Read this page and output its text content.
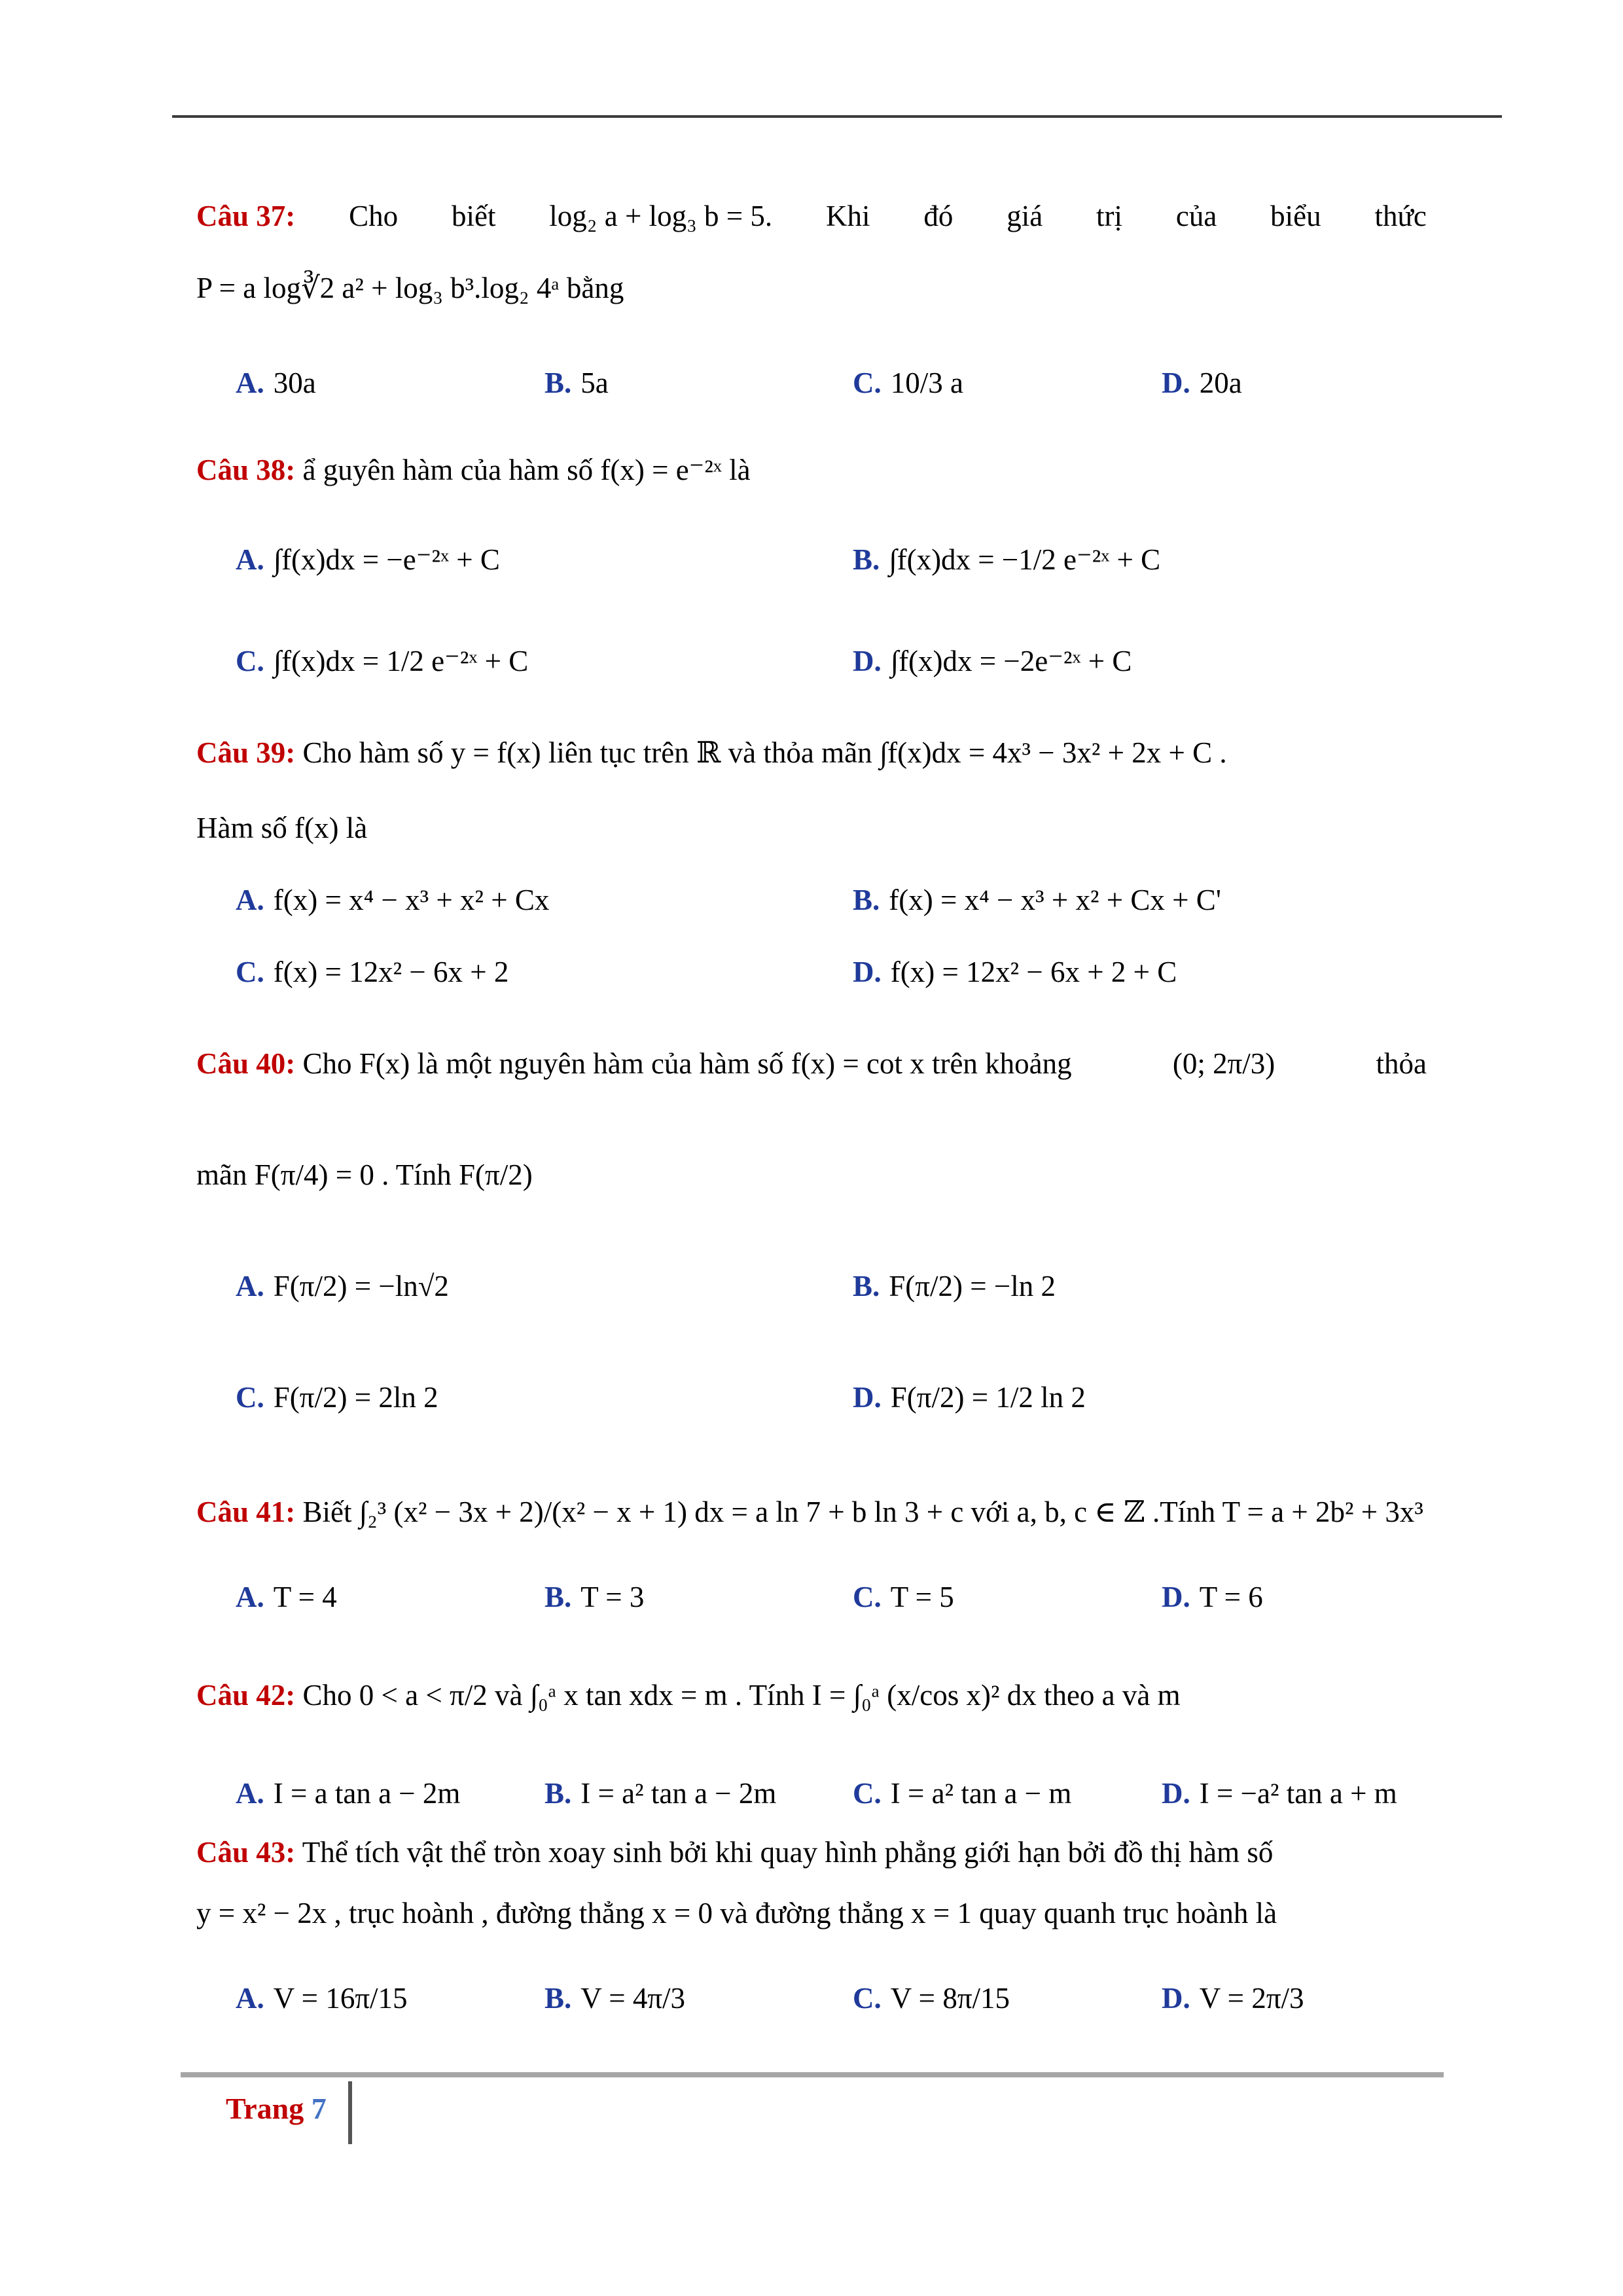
Câu 37: Cho biết log₂ a + log₃ b = 5. Khi đó giá trị của biểu thức
P = a log∛2 a² + log₃ b³.log₂ 4ᵃ bằng
A. 30a	B. 5a	C. 10/3 a	D. 20a
Câu 38: ẩ guyên hàm của hàm số f(x) = e⁻²ˣ là
A. ∫f(x)dx = −e⁻²ˣ + C	B. ∫f(x)dx = −1/2 e⁻²ˣ + C
C. ∫f(x)dx = 1/2 e⁻²ˣ + C	D. ∫f(x)dx = −2e⁻²ˣ + C
Câu 39: Cho hàm số y = f(x) liên tục trên ℝ và thỏa mãn ∫f(x)dx = 4x³ − 3x² + 2x + C .
Hàm số f(x) là
A. f(x) = x⁴ − x³ + x² + Cx	B. f(x) = x⁴ − x³ + x² + Cx + C'
C. f(x) = 12x² − 6x + 2	D. f(x) = 12x² − 6x + 2 + C
Câu 40: Cho F(x) là một nguyên hàm của hàm số f(x) = cot x trên khoảng	(0; 2π/3)	thỏa
mãn F(π/4) = 0 . Tính F(π/2)
A. F(π/2) = −ln√2	B. F(π/2) = −ln 2
C. F(π/2) = 2ln 2	D. F(π/2) = 1/2 ln 2
Câu 41: Biết ∫₂³ (x² − 3x + 2)/(x² − x + 1) dx = a ln 7 + b ln 3 + c với a, b, c ∈ ℤ .Tính T = a + 2b² + 3x³
A. T = 4	B. T = 3	C. T = 5	D. T = 6
Câu 42: Cho 0 < a < π/2 và ∫₀ᵃ x tan xdx = m . Tính I = ∫₀ᵃ (x/cos x)² dx theo a và m
A. I = a tan a − 2m	B. I = a² tan a − 2m	C. I = a² tan a − m	D. I = −a² tan a + m
Câu 43: Thể tích vật thể tròn xoay sinh bởi khi quay hình phẳng giới hạn bởi đồ thị hàm số
y = x² − 2x , trục hoành , đường thẳng x = 0 và đường thẳng x = 1 quay quanh trục hoành là
A. V = 16π/15	B. V = 4π/3	C. V = 8π/15	D. V = 2π/3
Trang 7
